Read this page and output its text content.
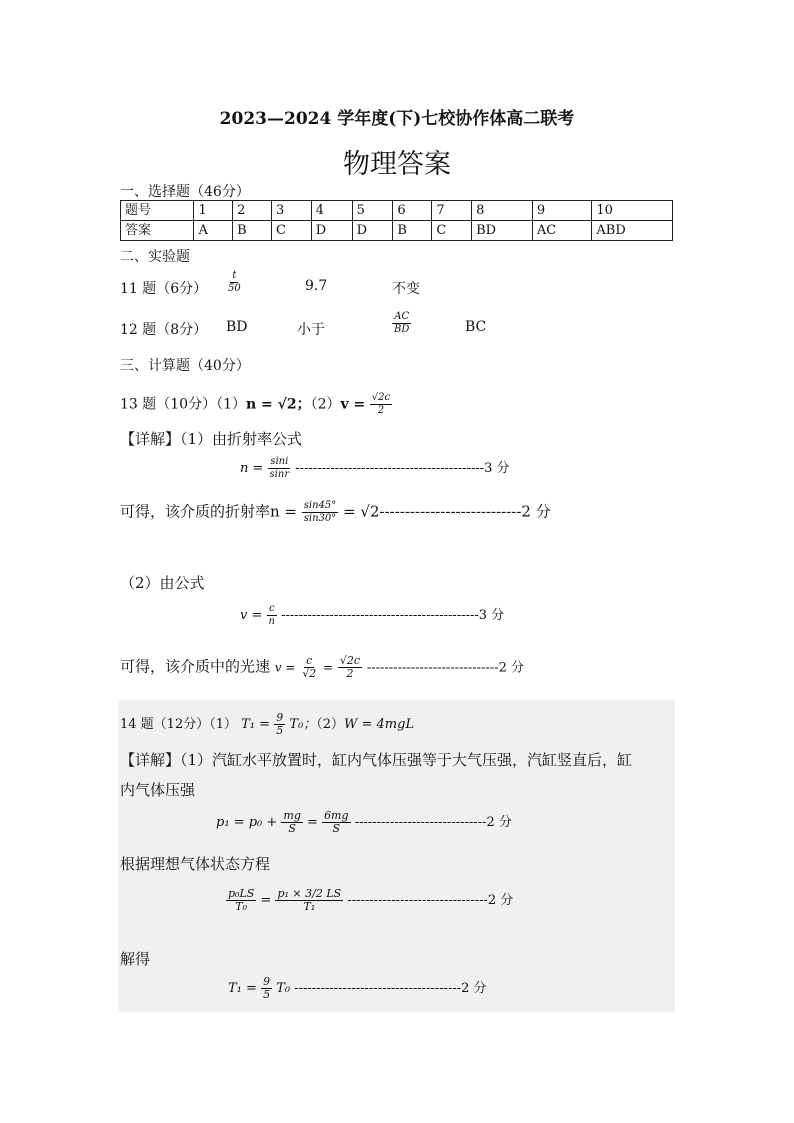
2023—2024 学年度(下)七校协作体高二联考
物理答案
一、选择题（46分）
题号	1	2	3	4	5	6	7	8	9	10
答案	A	B	C	D	D	B	C	BD	AC	ABD
二、实验题
11 题（6分） $\frac{t}{50}$	9.7	不变
12 题（8分） BD	小于	$\frac{AC}{BD}$	BC
三、计算题（40分）
13 题（10分）（1）n = √2；$(2)v = \frac{√2c}{2}$
【详解】（1）由折射率公式
$n = \frac{\sin i}{\sin r} -------------------------------------------3$ 分
可得，该介质的折射率$n = \frac{\sin 45^\circ}{\sin 30^\circ} = √2----------------------------2$ 分
（2）由公式
$v = \frac{c}{n} ---------------------------------------------3$ 分
可得，该介质中的光速 $v = \frac{c}{√2} = \frac{√2c}{2} ------------------------------2$ 分
14 题（12分）（1） $T_1 = \frac{9}{5} T_0$；（2）W = 4mgL
【详解】（1）汽缸水平放置时，缸内气体压强等于大气压强，汽缸竖直后，缸
内气体压强
$p_1 = p_0 + \frac{mg}{S} = \frac{6mg}{S} ------------------------------2$ 分
根据理想气体状态方程
$\frac{\text{p₀LS}}{\text{T₀}} = \frac{\text{p₁ × 3/2 LS}}{\text{T₁}} --------------------------------2$ 分
解得
$T_1 = \frac{9}{5} T_0$ --------------------------------------2 分
